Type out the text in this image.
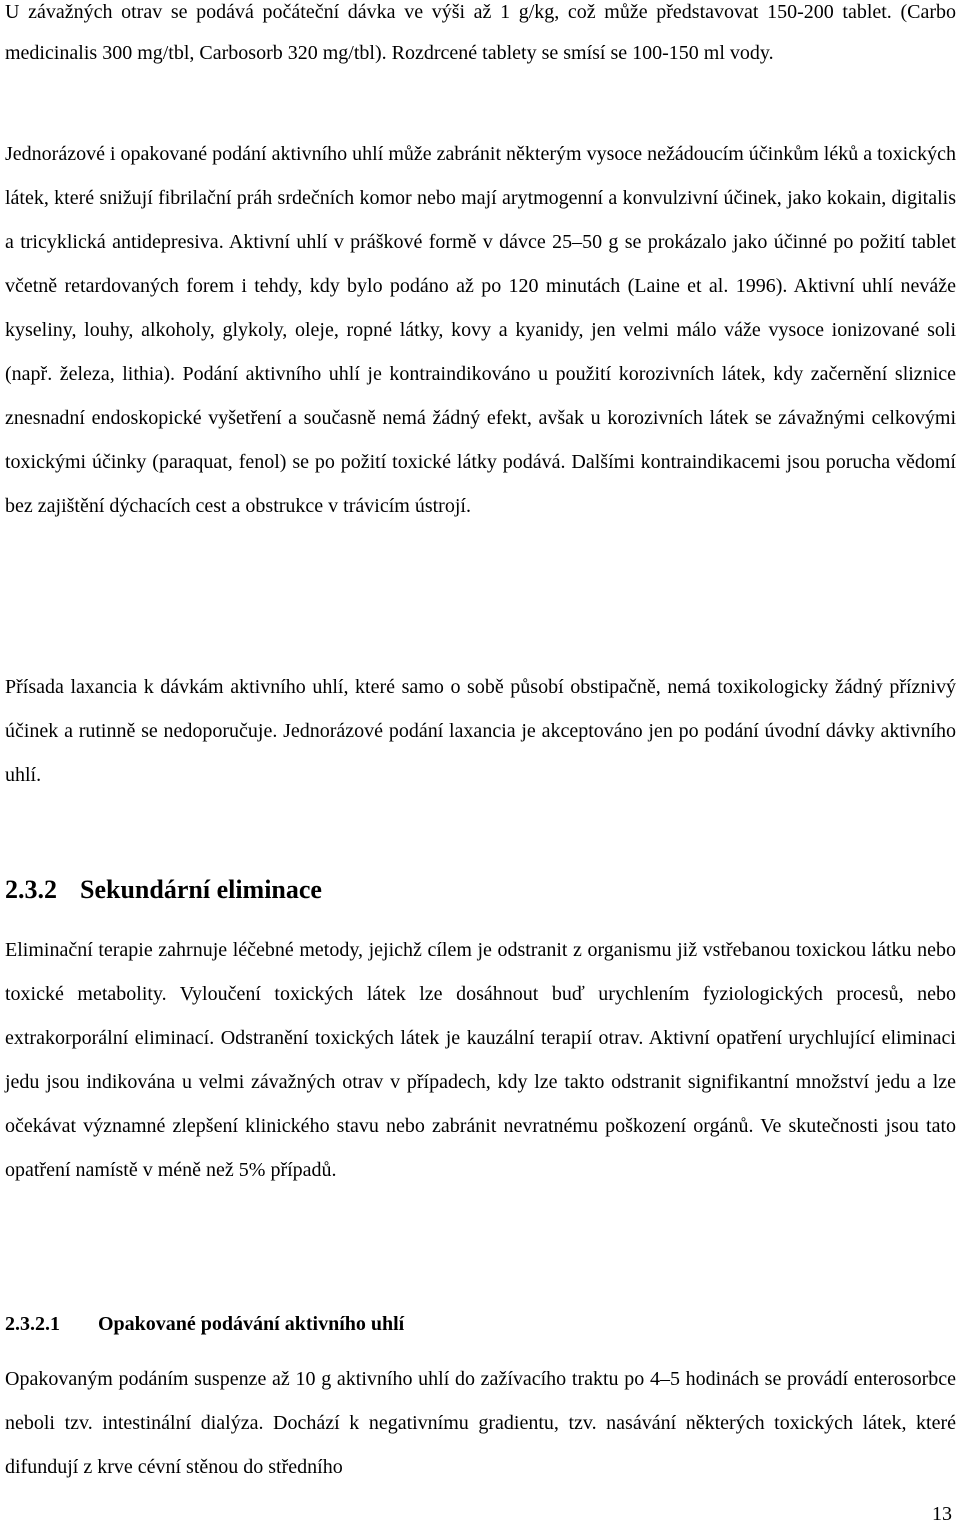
U závažných otrav se podává počáteční dávka ve výši až 1 g/kg, což může představovat 150-200 tablet. (Carbo medicinalis 300 mg/tbl, Carbosorb 320 mg/tbl). Rozdrcené tablety se smísí se 100-150 ml vody.

Jednorázové i opakované podání aktivního uhlí může zabránit některým vysoce nežádoucím účinkům léků a toxických látek, které snižují fibrilační práh srdečních komor nebo mají arytmogenní a konvulzivní účinek, jako kokain, digitalis a tricyklická antidepresiva. Aktivní uhlí v práškové formě v dávce 25–50 g se prokázalo jako účinné po požití tablet včetně retardovaných forem i tehdy, kdy bylo podáno až po 120 minutách (Laine et al. 1996). Aktivní uhlí neváže kyseliny, louhy, alkoholy, glykoly, oleje, ropné látky, kovy a kyanidy, jen velmi málo váže vysoce ionizované soli (např. železa, lithia). Podání aktivního uhlí je kontraindikováno u použití korozivních látek, kdy začernění sliznice znesnadní endoskopické vyšetření a současně nemá žádný efekt, avšak u korozivních látek se závažnými celkovými toxickými účinky (paraquat, fenol) se po požití toxické látky podává. Dalšími kontraindikacemi jsou porucha vědomí bez zajištění dýchacích cest a obstrukce v trávicím ústrojí.

Přísada laxancia k dávkám aktivního uhlí, které samo o sobě působí obstipačně, nemá toxikologicky žádný příznivý účinek a rutinně se nedoporučuje. Jednorázové podání laxancia je akceptováno jen po podání úvodní dávky aktivního uhlí.

2.3.2 Sekundární eliminace

Eliminační terapie zahrnuje léčebné metody, jejichž cílem je odstranit z organismu již vstřebanou toxickou látku nebo toxické metabolity. Vyloučení toxických látek lze dosáhnout buď urychlením fyziologických procesů, nebo extrakorporální eliminací. Odstranění toxických látek je kauzální terapií otrav. Aktivní opatření urychlující eliminaci jedu jsou indikována u velmi závažných otrav v případech, kdy lze takto odstranit signifikantní množství jedu a lze očekávat významné zlepšení klinického stavu nebo zabránit nevratnému poškození orgánů. Ve skutečnosti jsou tato opatření namístě v méně než 5% případů.

2.3.2.1 Opakované podávání aktivního uhlí

Opakovaným podáním suspenze až 10 g aktivního uhlí do zažívacího traktu po 4–5 hodinách se provádí enterosorbce neboli tzv. intestinální dialýza. Dochází k negativnímu gradientu, tzv. nasávání některých toxických látek, které difundují z krve cévní stěnou do středního

13
